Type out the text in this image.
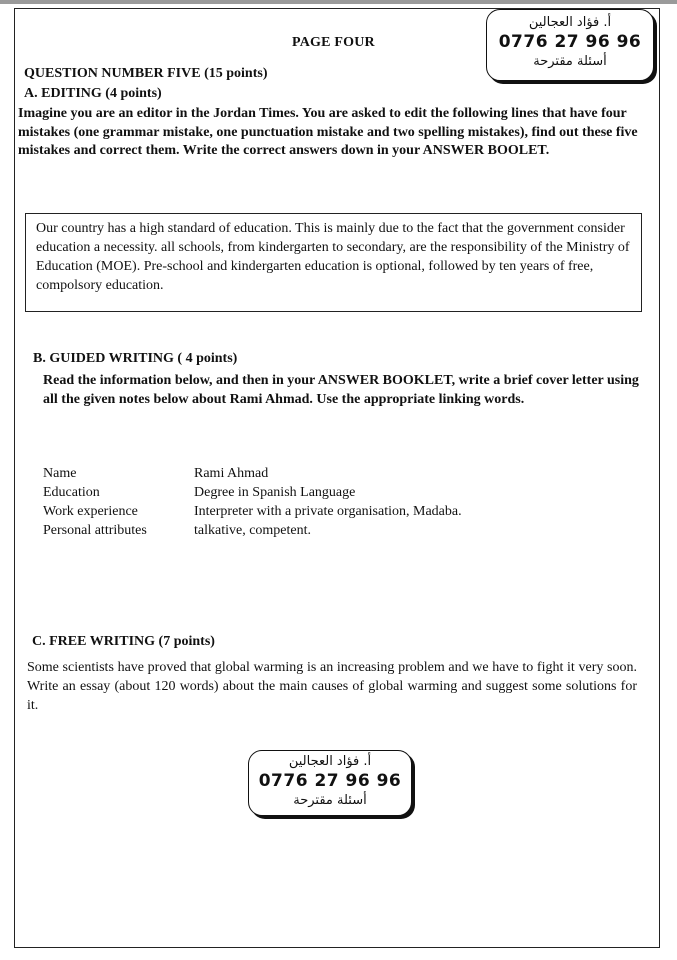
PAGE FOUR
أ. فؤاد العجالين
0776 27 96 96
أسئلة مقترحة
QUESTION NUMBER FIVE (15 points)
A. EDITING (4 points)
Imagine you are an editor in the Jordan Times. You are asked to edit the following lines that have four mistakes (one grammar mistake, one punctuation mistake and two spelling mistakes), find out these five mistakes and correct them. Write the correct answers down in your ANSWER BOOLET.
Our country has a high standard of education. This is mainly due to the fact that the government consider education a necessity. all schools, from kindergarten to secondary, are the responsibility of the Ministry of Education (MOE). Pre-school and kindergarten education is optional, followed by ten years of free, compolsory education.
B. GUIDED WRITING ( 4 points)
Read the information below, and then in your ANSWER BOOKLET, write a brief cover letter using all the given notes below about Rami Ahmad. Use the appropriate linking words.
Name	Rami Ahmad
Education	Degree in Spanish Language
Work experience	Interpreter with a private organisation, Madaba.
Personal attributes	talkative, competent.
C. FREE WRITING (7 points)
Some scientists have proved that global warming is an increasing problem and we have to fight it very soon. Write an essay (about 120 words) about the main causes of global warming and suggest some solutions for it.
أ. فؤاد العجالين
0776 27 96 96
أسئلة مقترحة
